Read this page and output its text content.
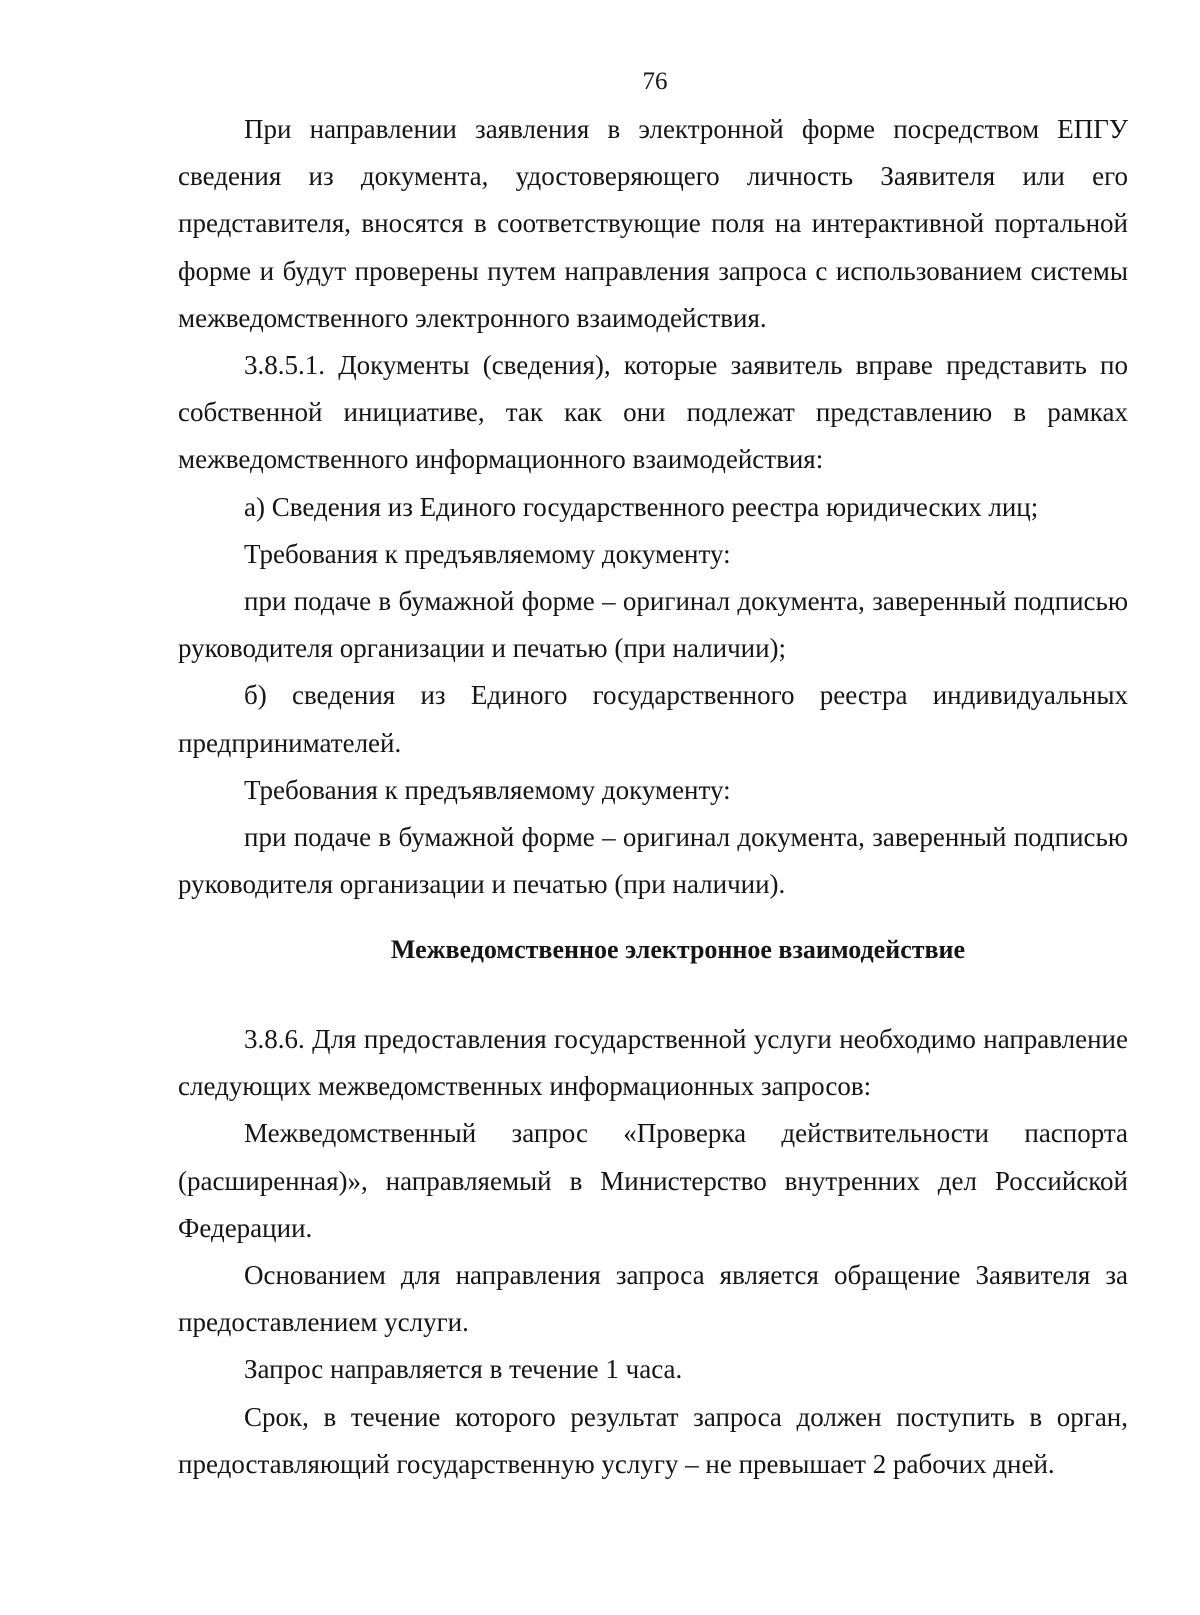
76

При направлении заявления в электронной форме посредством ЕПГУ сведения из документа, удостоверяющего личность Заявителя или его представителя, вносятся в соответствующие поля на интерактивной портальной форме и будут проверены путем направления запроса с использованием системы межведомственного электронного взаимодействия.

3.8.5.1. Документы (сведения), которые заявитель вправе представить по собственной инициативе, так как они подлежат представлению в рамках межведомственного информационного взаимодействия:

а) Сведения из Единого государственного реестра юридических лиц;

Требования к предъявляемому документу:

при подаче в бумажной форме – оригинал документа, заверенный подписью руководителя организации и печатью (при наличии);

б) сведения из Единого государственного реестра индивидуальных предпринимателей.

Требования к предъявляемому документу:

при подаче в бумажной форме – оригинал документа, заверенный подписью руководителя организации и печатью (при наличии).

Межведомственное электронное взаимодействие

3.8.6. Для предоставления государственной услуги необходимо направление следующих межведомственных информационных запросов:

Межведомственный запрос «Проверка действительности паспорта (расширенная)», направляемый в Министерство внутренних дел Российской Федерации.

Основанием для направления запроса является обращение Заявителя за предоставлением услуги.

Запрос направляется в течение 1 часа.

Срок, в течение которого результат запроса должен поступить в орган, предоставляющий государственную услугу – не превышает 2 рабочих дней.
